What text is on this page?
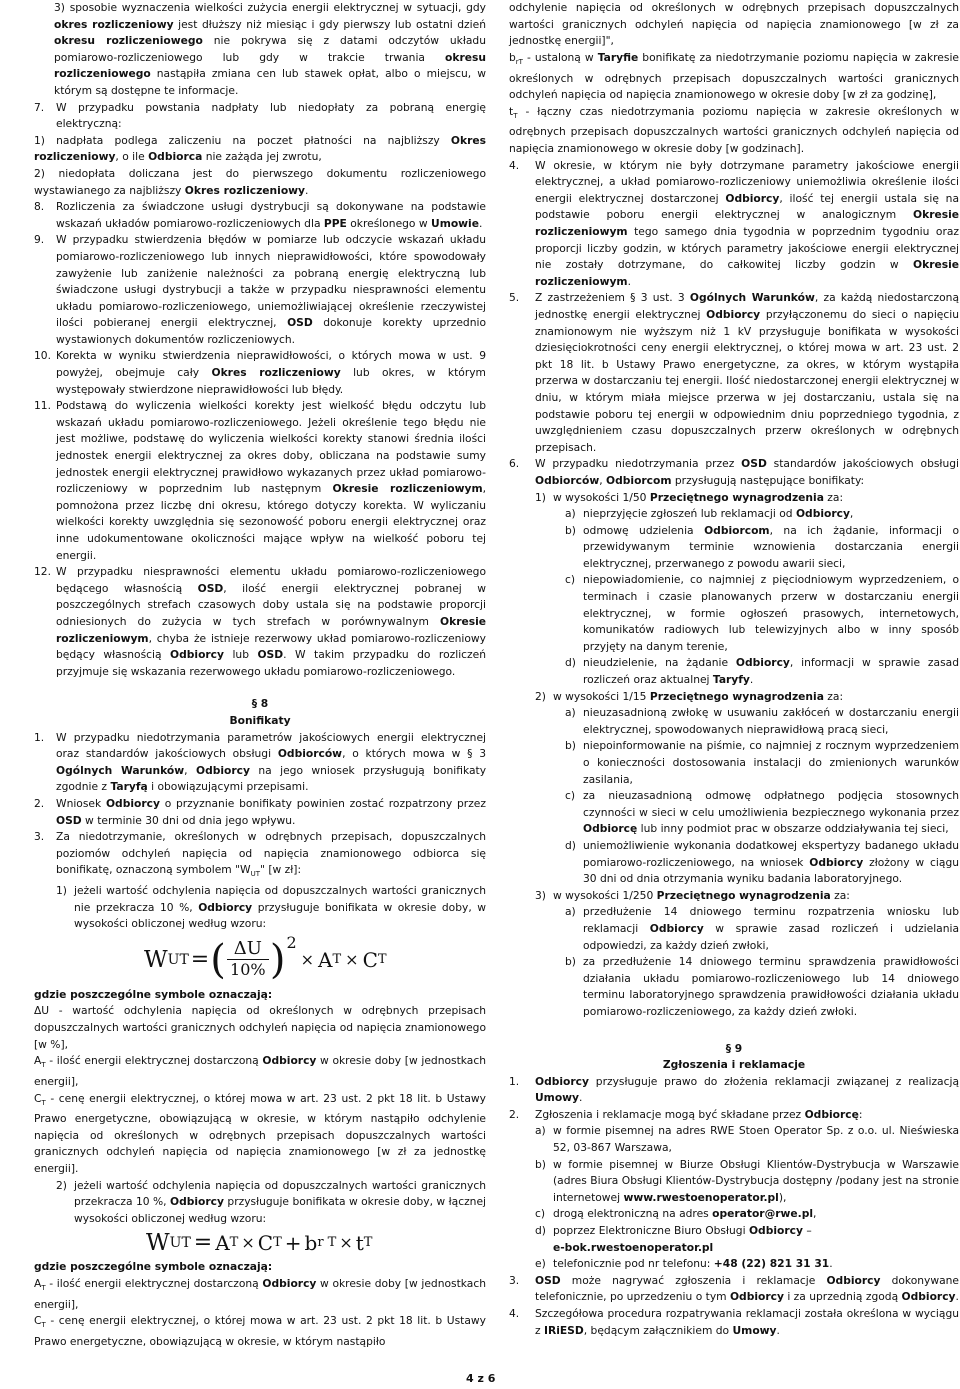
3) sposobie wyznaczenia wielkości zużycia energii elektrycznej w sytuacji, gdy okres rozliczeniowy jest dłuższy niż miesiąc i gdy pierwszy lub ostatni dzień okresu rozliczeniowego nie pokrywa się z datami odczytów układu pomiarowo-rozliczeniowego lub gdy w trakcie trwania okresu rozliczeniowego nastąpiła zmiana cen lub stawek opłat, albo o miejscu, w którym są dostępne te informacje.
7.	W przypadku powstania nadpłaty lub niedopłaty za pobraną energię elektryczną:
1) nadpłata podlega zaliczeniu na poczet płatności na najbliższy Okres rozliczeniowy, o ile Odbiorca nie zażąda jej zwrotu,
2) niedopłata doliczana jest do pierwszego dokumentu rozliczeniowego wystawianego za najbliższy Okres rozliczeniowy.
8.	Rozliczenia za świadczone usługi dystrybucji są dokonywane na podstawie wskazań układów pomiarowo-rozliczeniowych dla PPE określonego w Umowie.
9.	W przypadku stwierdzenia błędów w pomiarze lub odczycie wskazań układu pomiarowo-rozliczeniowego lub innych nieprawidłowości, które spowodowały zawyżenie lub zaniżenie należności za pobraną energię elektryczną lub świadczone usługi dystrybucji a także w przypadku niesprawności elementu układu pomiarowo-rozliczeniowego, uniemożliwiającej określenie rzeczywistej ilości pobieranej energii elektrycznej, OSD dokonuje korekty uprzednio wystawionych dokumentów rozliczeniowych.
10. Korekta w wyniku stwierdzenia nieprawidłowości, o których mowa w ust. 9 powyżej, obejmuje cały Okres rozliczeniowy lub okres, w którym występowały stwierdzone nieprawidłowości lub błędy.
11. Podstawą do wyliczenia wielkości korekty jest wielkość błędu odczytu lub wskazań układu pomiarowo-rozliczeniowego. Jeżeli określenie tego błędu nie jest możliwe, podstawę do wyliczenia wielkości korekty stanowi średnia ilości jednostek energii elektrycznej za okres doby, obliczana na podstawie sumy jednostek energii elektrycznej prawidłowo wykazanych przez układ pomiarowo-rozliczeniowy w poprzednim lub następnym Okresie rozliczeniowym, pomnożona przez liczbę dni okresu, którego dotyczy korekta. W wyliczaniu wielkości korekty uwzględnia się sezonowość poboru energii elektrycznej oraz inne udokumentowane okoliczności mające wpływ na wielkość poboru tej energii.
12. W przypadku niesprawności elementu układu pomiarowo-rozliczeniowego będącego własnością OSD, ilość energii elektrycznej pobranej w poszczególnych strefach czasowych doby ustala się na podstawie proporcji odniesionych do zużycia w tych strefach w porównywalnym Okresie rozliczeniowym, chyba że istnieje rezerwowy układ pomiarowo-rozliczeniowy będący własnością Odbiorcy lub OSD. W takim przypadku do rozliczeń przyjmuje się wskazania rezerwowego układu pomiarowo-rozliczeniowego.
§ 8
Bonifikaty
1.	W przypadku niedotrzymania parametrów jakościowych energii elektrycznej oraz standardów jakościowych obsługi Odbiorców, o których mowa w § 3 Ogólnych Warunków, Odbiorcy na jego wniosek przysługują bonifikaty zgodnie z Taryfą i obowiązującymi przepisami.
2.	Wniosek Odbiorcy o przyznanie bonifikaty powinien zostać rozpatrzony przez OSD w terminie 30 dni od dnia jego wpływu.
3.	Za niedotrzymanie, określonych w odrębnych przepisach, dopuszczalnych poziomów odchyleń napięcia od napięcia znamionowego odbiorca się bonifikatę, oznaczoną symbolem "$W_{UT}$" [w zł]:
1) jeżeli wartość odchylenia napięcia od dopuszczalnych wartości granicznych nie przekracza 10 %, Odbiorcy przysługuje bonifikata w okresie doby, w wysokości obliczonej według wzoru:
W UT = ( ΔU
10% ) 2
× A T × C T
gdzie poszczególne symbole oznaczają:
ΔU - wartość odchylenia napięcia od określonych w odrębnych przepisach dopuszczalnych wartości granicznych odchyleń napięcia od napięcia znamionowego [w %],
$A_T$ - ilość energii elektrycznej dostarczoną Odbiorcy w okresie doby [w jednostkach energii],
$C_T$ - cenę energii elektrycznej, o której mowa w art. 23 ust. 2 pkt 18 lit. b Ustawy Prawo energetyczne, obowiązującą w okresie, w którym nastąpiło odchylenie napięcia od określonych w odrębnych przepisach dopuszczalnych wartości granicznych odchyleń napięcia od napięcia znamionowego [w zł za jednostkę energii].
2) jeżeli wartość odchylenia napięcia od dopuszczalnych wartości granicznych przekracza 10 %, Odbiorcy przysługuje bonifikata w okresie doby, w łącznej wysokości obliczonej według wzoru:
W UT = A T × C T + b r T × t T
gdzie poszczególne symbole oznaczają:
$A_T$ - ilość energii elektrycznej dostarczoną Odbiorcy w okresie doby [w jednostkach energii],
$C_T$ - cenę energii elektrycznej, o której mowa w art. 23 ust. 2 pkt 18 lit. b Ustawy Prawo energetyczne, obowiązującą w okresie, w którym nastąpiło
odchylenie napięcia od określonych w odrębnych przepisach dopuszczalnych wartości granicznych odchyleń napięcia od napięcia znamionowego [w zł za jednostkę energii]",
$b_{rT}$ - ustaloną w Taryfie bonifikatę za niedotrzymanie poziomu napięcia w zakresie określonych w odrębnych przepisach dopuszczalnych wartości granicznych odchyleń napięcia od napięcia znamionowego w okresie doby [w zł za godzinę],
$t_T$ - łączny czas niedotrzymania poziomu napięcia w zakresie określonych w odrębnych przepisach dopuszczalnych wartości granicznych odchyleń napięcia od napięcia znamionowego w okresie doby [w godzinach].
4.	W okresie, w którym nie były dotrzymane parametry jakościowe energii elektrycznej, a układ pomiarowo-rozliczeniowy uniemożliwia określenie ilości energii elektrycznej dostarczonej Odbiorcy, ilość tej energii ustala się na podstawie poboru energii elektrycznej w analogicznym Okresie rozliczeniowym tego samego dnia tygodnia w poprzednim tygodniu oraz proporcji liczby godzin, w których parametry jakościowe energii elektrycznej nie zostały dotrzymane, do całkowitej liczby godzin w Okresie rozliczeniowym.
5.	Z zastrzeżeniem § 3 ust. 3 Ogólnych Warunków, za każdą niedostarczoną jednostkę energii elektrycznej Odbiorcy przyłączonemu do sieci o napięciu znamionowym nie wyższym niż 1 kV przysługuje bonifikata w wysokości dziesięciokrotności ceny energii elektrycznej, o której mowa w art. 23 ust. 2 pkt 18 lit. b Ustawy Prawo energetyczne, za okres, w którym wystąpiła przerwa w dostarczaniu tej energii. Ilość niedostarczonej energii elektrycznej w dniu, w którym miała miejsce przerwa w jej dostarczaniu, ustala się na podstawie poboru tej energii w odpowiednim dniu poprzedniego tygodnia, z uwzględnieniem czasu dopuszczalnych przerw określonych w odrębnych przepisach.
6.	W przypadku niedotrzymania przez OSD standardów jakościowych obsługi Odbiorców, Odbiorcom przysługują następujące bonifikaty:
1) w wysokości 1/50 Przeciętnego wynagrodzenia za:
a) nieprzyjęcie zgłoszeń lub reklamacji od Odbiorcy,
b) odmowę udzielenia Odbiorcom, na ich żądanie, informacji o przewidywanym terminie wznowienia dostarczania energii elektrycznej, przerwanego z powodu awarii sieci,
c) niepowiadomienie, co najmniej z pięciodniowym wyprzedzeniem, o terminach i czasie planowanych przerw w dostarczaniu energii elektrycznej, w formie ogłoszeń prasowych, internetowych, komunikatów radiowych lub telewizyjnych albo w inny sposób przyjęty na danym terenie,
d) nieudzielenie, na żądanie Odbiorcy, informacji w sprawie zasad rozliczeń oraz aktualnej Taryfy.
2) w wysokości 1/15 Przeciętnego wynagrodzenia za:
a) nieuzasadnioną zwłokę w usuwaniu zakłóceń w dostarczaniu energii elektrycznej, spowodowanych nieprawidłową pracą sieci,
b) niepoinformowanie na piśmie, co najmniej z rocznym wyprzedzeniem o konieczności dostosowania instalacji do zmienionych warunków zasilania,
c) za nieuzasadnioną odmowę odpłatnego podjęcia stosownych czynności w sieci w celu umożliwienia bezpiecznego wykonania przez Odbiorcę lub inny podmiot prac w obszarze oddziaływania tej sieci,
d) uniemożliwienie wykonania dodatkowej ekspertyzy badanego układu pomiarowo-rozliczeniowego, na wniosek Odbiorcy złożony w ciągu 30 dni od dnia otrzymania wyniku badania laboratoryjnego.
3) w wysokości 1/250 Przeciętnego wynagrodzenia za:
a) przedłużenie 14 dniowego terminu rozpatrzenia wniosku lub reklamacji Odbiorcy w sprawie zasad rozliczeń i udzielania odpowiedzi, za każdy dzień zwłoki,
b) za przedłużenie 14 dniowego terminu sprawdzenia prawidłowości działania układu pomiarowo-rozliczeniowego lub 14 dniowego terminu laboratoryjnego sprawdzenia prawidłowości działania układu pomiarowo-rozliczeniowego, za każdy dzień zwłoki.
§ 9
Zgłoszenia i reklamacje
1.	Odbiorcy przysługuje prawo do złożenia reklamacji związanej z realizacją Umowy.
2.	Zgłoszenia i reklamacje mogą być składane przez Odbiorcę:
a) w formie pisemnej na adres RWE Stoen Operator Sp. z o.o. ul. Nieświeska 52, 03-867 Warszawa,
b) w formie pisemnej w Biurze Obsługi Klientów-Dystrybucja w Warszawie (adres Biura Obsługi Klientów-Dystrybucja dostępny /podany jest na stronie internetowej www.rwestoenoperator.pl),
c) drogą elektroniczną na adres operator@rwe.pl,
d) poprzez Elektroniczne Biuro Obsługi Odbiorcy –
e-bok.rwestoenoperator.pl
e) telefonicznie pod nr telefonu: +48 (22) 821 31 31.
3.	OSD może nagrywać zgłoszenia i reklamacje Odbiorcy dokonywane telefonicznie, po uprzedzeniu o tym Odbiorcy i za uprzednią zgodą Odbiorcy.
4.	Szczegółowa procedura rozpatrywania reklamacji została określona w wyciągu z IRiESD, będącym załącznikiem do Umowy.
4 z 6
